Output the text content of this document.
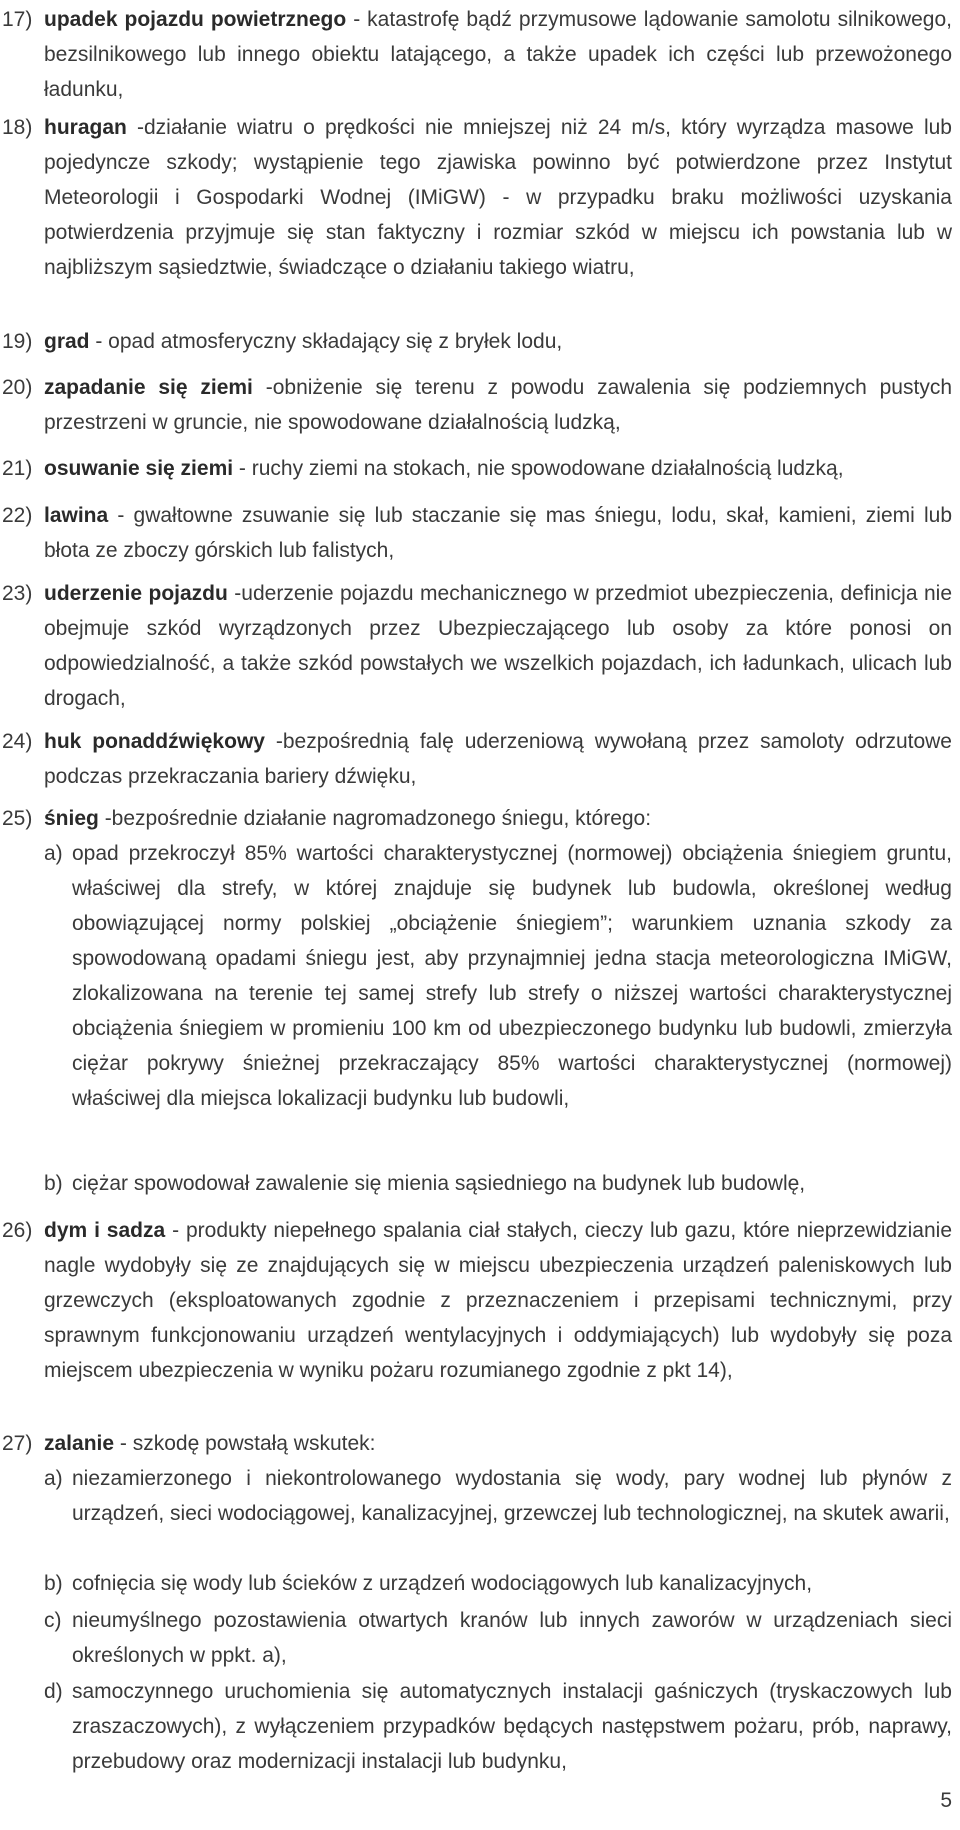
17) upadek pojazdu powietrznego - katastrofę bądź przymusowe lądowanie samolotu silnikowego, bezsilnikowego lub innego obiektu latającego, a także upadek ich części lub przewożonego ładunku,
18) huragan -działanie wiatru o prędkości nie mniejszej niż 24 m/s, który wyrządza masowe lub pojedyncze szkody; wystąpienie tego zjawiska powinno być potwierdzone przez Instytut Meteorologii i Gospodarki Wodnej (IMiGW) - w przypadku braku możliwości uzyskania potwierdzenia przyjmuje się stan faktyczny i rozmiar szkód w miejscu ich powstania lub w najbliższym sąsiedztwie, świadczące o działaniu takiego wiatru,
19) grad - opad atmosferyczny składający się z bryłek lodu,
20) zapadanie się ziemi -obniżenie się terenu z powodu zawalenia się podziemnych pustych przestrzeni w gruncie, nie spowodowane działalnością ludzką,
21) osuwanie się ziemi - ruchy ziemi na stokach, nie spowodowane działalnością ludzką,
22) lawina - gwałtowne zsuwanie się lub staczanie się mas śniegu, lodu, skał, kamieni, ziemi lub błota ze zboczy górskich lub falistych,
23) uderzenie pojazdu -uderzenie pojazdu mechanicznego w przedmiot ubezpieczenia, definicja nie obejmuje szkód wyrządzonych przez Ubezpieczającego lub osoby za które ponosi on odpowiedzialność, a także szkód powstałych we wszelkich pojazdach, ich ładunkach, ulicach lub drogach,
24) huk ponaddźwiękowy -bezpośrednią falę uderzeniową wywołaną przez samoloty odrzutowe podczas przekraczania bariery dźwięku,
25) śnieg -bezpośrednie działanie nagromadzonego śniegu, którego:
a) opad przekroczył 85% wartości charakterystycznej (normowej) obciążenia śniegiem gruntu, właściwej dla strefy, w której znajduje się budynek lub budowla, określonej według obowiązującej normy polskiej „obciążenie śniegiem”; warunkiem uznania szkody za spowodowaną opadami śniegu jest, aby przynajmniej jedna stacja meteorologiczna IMiGW, zlokalizowana na terenie tej samej strefy lub strefy o niższej wartości charakterystycznej obciążenia śniegiem w promieniu 100 km od ubezpieczonego budynku lub budowli, zmierzyła ciężar pokrywy śnieżnej przekraczający 85% wartości charakterystycznej (normowej) właściwej dla miejsca lokalizacji budynku lub budowli,
b) ciężar spowodował zawalenie się mienia sąsiedniego na budynek lub budowlę,
26) dym i sadza - produkty niepełnego spalania ciał stałych, cieczy lub gazu, które nieprzewidzianie nagle wydobyły się ze znajdujących się w miejscu ubezpieczenia urządzeń paleniskowych lub grzewczych (eksploatowanych zgodnie z przeznaczeniem i przepisami technicznymi, przy sprawnym funkcjonowaniu urządzeń wentylacyjnych i oddymiających) lub wydobyły się poza miejscem ubezpieczenia w wyniku pożaru rozumianego zgodnie z pkt 14),
27) zalanie - szkodę powstałą wskutek:
a) niezamierzonego i niekontrolowanego wydostania się wody, pary wodnej lub płynów z urządzeń, sieci wodociągowej, kanalizacyjnej, grzewczej lub technologicznej, na skutek awarii,
b) cofnięcia się wody lub ścieków z urządzeń wodociągowych lub kanalizacyjnych,
c) nieumyślnego pozostawienia otwartych kranów lub innych zaworów w urządzeniach sieci określonych w ppkt. a),
d) samoczynnego uruchomienia się automatycznych instalacji gaśniczych (tryskaczowych lub zraszaczowych), z wyłączeniem przypadków będących następstwem pożaru, prób, naprawy, przebudowy oraz modernizacji instalacji lub budynku,
5
